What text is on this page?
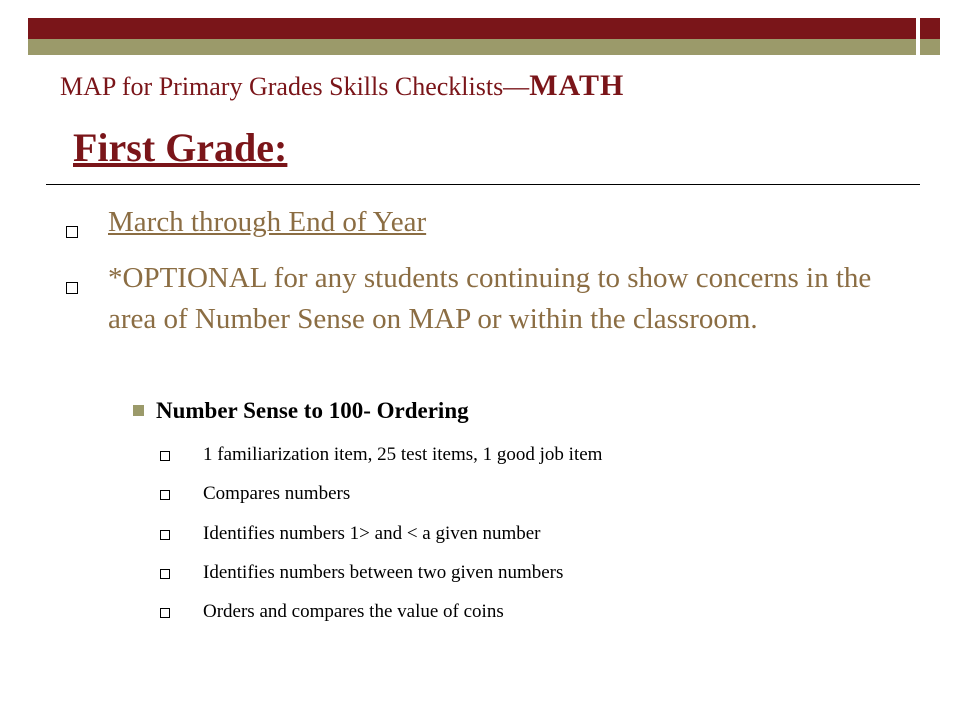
MAP for Primary Grades Skills Checklists—MATH
First Grade:
March through End of Year
*OPTIONAL for any students continuing to show concerns in the area of Number Sense on MAP or within the classroom.
Number Sense to 100- Ordering
1 familiarization item, 25 test items, 1 good job item
Compares numbers
Identifies numbers 1> and < a given number
Identifies numbers between two given numbers
Orders and compares the value of coins
